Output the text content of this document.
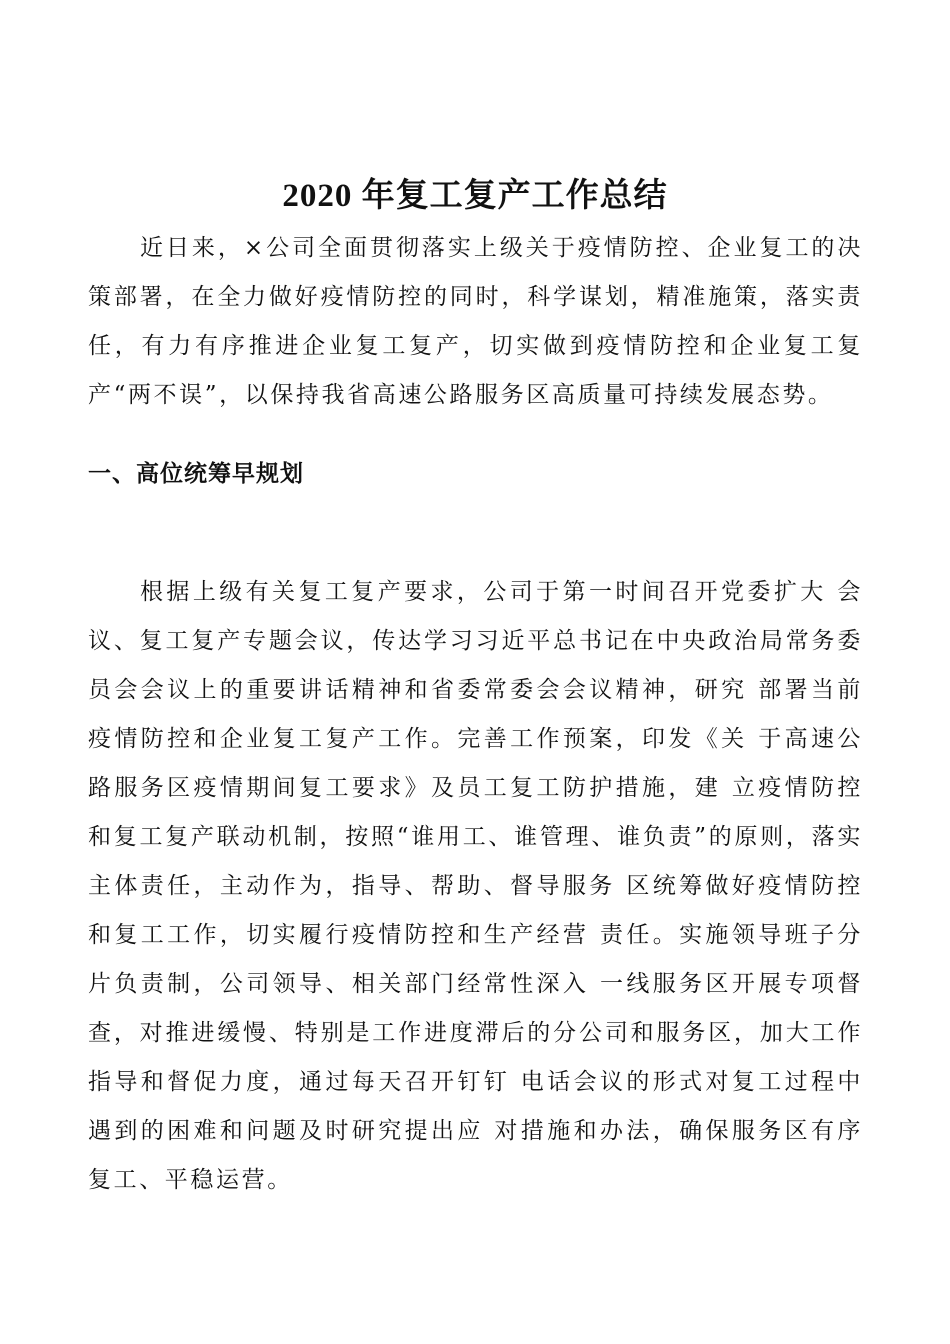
2020 年复工复产工作总结

近日来，×公司全面贯彻落实上级关于疫情防控、企业复工的决策部署，在全力做好疫情防控的同时，科学谋划，精准施策，落实责任，有力有序推进企业复工复产，切实做到疫情防控和企业复工复产“两不误”，以保持我省高速公路服务区高质量可持续发展态势。

一、高位统筹早规划

根据上级有关复工复产要求，公司于第一时间召开党委扩大 会议、复工复产专题会议，传达学习习近平总书记在中央政治局常务委员会会议上的重要讲话精神和省委常委会会议精神，研究 部署当前疫情防控和企业复工复产工作。完善工作预案，印发《关 于高速公路服务区疫情期间复工要求》及员工复工防护措施，建 立疫情防控和复工复产联动机制，按照“谁用工、谁管理、谁负责”的原则，落实主体责任，主动作为，指导、帮助、督导服务 区统筹做好疫情防控和复工工作，切实履行疫情防控和生产经营 责任。实施领导班子分片负责制，公司领导、相关部门经常性深入 一线服务区开展专项督查，对推进缓慢、特别是工作进度滞后的分公司和服务区，加大工作指导和督促力度，通过每天召开钉钉 电话会议的形式对复工过程中遇到的困难和问题及时研究提出应 对措施和办法，确保服务区有序复工、平稳运营。
